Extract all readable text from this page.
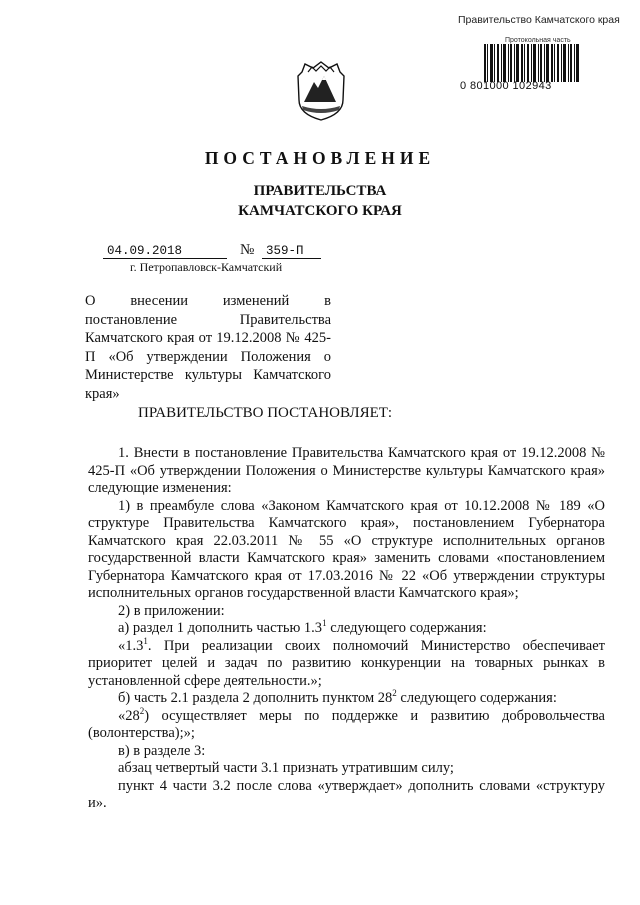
Правительство Камчатского края
Протокольная часть
0 801000 102943
ПОСТАНОВЛЕНИЕ
ПРАВИТЕЛЬСТВА
КАМЧАТСКОГО КРАЯ
04.09.2018	№ 359-П
г. Петропавловск-Камчатский
О внесении изменений в постановление Правительства Камчатского края от 19.12.2008 № 425-П «Об утверждении Положения о Министерстве культуры Камчатского края»
ПРАВИТЕЛЬСТВО ПОСТАНОВЛЯЕТ:

1. Внести в постановление Правительства Камчатского края от 19.12.2008 № 425-П «Об утверждении Положения о Министерстве культуры Камчатского края» следующие изменения:

1) в преамбуле слова «Законом Камчатского края от 10.12.2008 № 189 «О структуре Правительства Камчатского края», постановлением Губернатора Камчатского края 22.03.2011 № 55 «О структуре исполнительных органов государственной власти Камчатского края» заменить словами «постановлением Губернатора Камчатского края от 17.03.2016 № 22 «Об утверждении структуры исполнительных органов государственной власти Камчатского края»;

2) в приложении:

а) раздел 1 дополнить частью $1.3^1$ следующего содержания:

«$1.3^1$. При реализации своих полномочий Министерство обеспечивает приоритет целей и задач по развитию конкуренции на товарных рынках в установленной сфере деятельности.»;

б) часть 2.1 раздела 2 дополнить пунктом $28^2$ следующего содержания:

«$28^2$) осуществляет меры по поддержке и развитию добровольчества (волонтерства);»;

в) в разделе 3:

абзац четвертый части 3.1 признать утратившим силу;

пункт 4 части 3.2 после слова «утверждает» дополнить словами «структуру и».
